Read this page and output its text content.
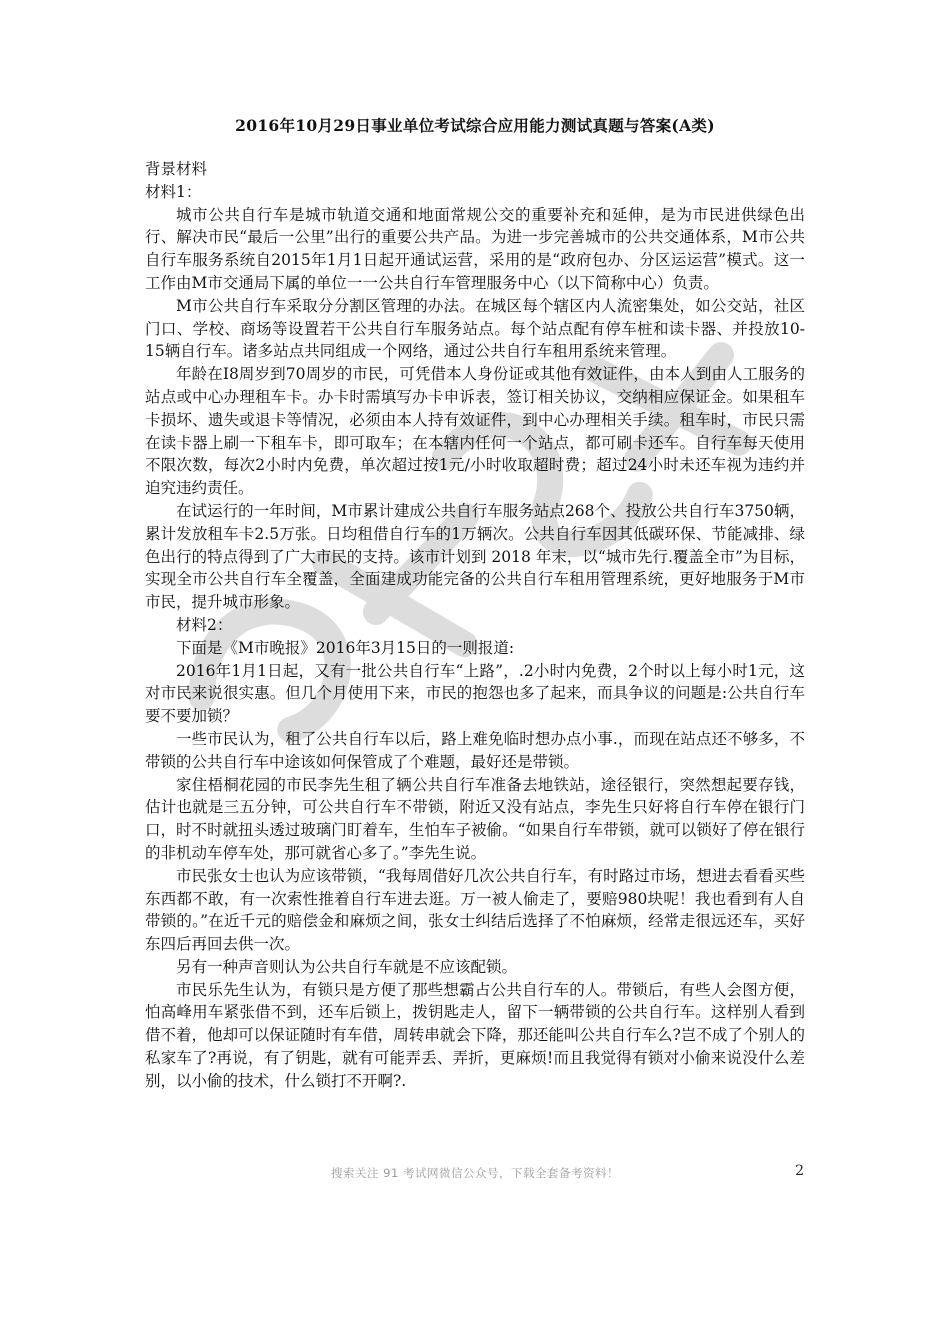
2016年10月29日事业单位考试综合应用能力测试真题与答案(A类)

背景材料

材料1：

城市公共自行车是城市轨道交通和地面常规公交的重要补充和延伸，是为市民进供绿色出行、解决市民“最后一公里”出行的重要公共产品。为进一步完善城市的公共交通体系，M市公共自行车服务系统自2015年1月1日起开通试运营，采用的是“政府包办、分区运运营”模式。这一工作由M市交通局下属的单位一一公共自行车管理服务中心（以下简称中心）负责。

M市公共自行车采取分分割区管理的办法。在城区每个辖区内人流密集处，如公交站，社区门口、学校、商场等设置若干公共自行车服务站点。每个站点配有停车桩和读卡器、并投放10-15辆自行车。诸多站点共同组成一个网络，通过公共自行车租用系统来管理。

年龄在I8周岁到70周岁的市民，可凭借本人身份证或其他有效证件，由本人到由人工服务的站点或中心办理租车卡。办卡时需填写办卡申诉表，签订相关协议，交纳相应保证金。如果租车卡损坏、遗失或退卡等情况，必须由本人持有效证件，到中心办理相关手续。租车时，市民只需在读卡器上刷一下租车卡，即可取车；在本辖内任何一个站点，都可刷卡还车。自行车每天使用不限次数，每次2小时内免费，单次超过按1元/小时收取超时费；超过24小时未还车视为违约并迫究违约责任。

在试运行的一年时间，M市累计建成公共自行车服务站点268个、投放公共自行车3750辆，累计发放租车卡2.5万张。日均租借自行车的1万辆次。公共自行车因其低碳环保、节能减排、绿色出行的特点得到了广大市民的支持。该市计划到 2018 年末，以“城市先行.覆盖全市”为目标，实现全市公共自行车全覆盖，全面建成功能完备的公共自行车租用管理系统，更好地服务于M市市民，提升城市形象。

材料2：

下面是《M市晚报》2016年3月15日的一则报道:

2016年1月1日起，又有一批公共自行车“上路”，.2小时内免费，2个时以上每小时1元，这对市民来说很实惠。但几个月使用下来，市民的抱怨也多了起来，而具争议的问题是:公共自行车要不要加锁？

一些市民认为，租了公共自行车以后，路上难免临时想办点小事.，而现在站点还不够多，不带锁的公共自行车中途该如何保管成了个难题，最好还是带锁。

家住梧桐花园的市民李先生租了辆公共自行车准备去地铁站，途径银行，突然想起要存钱，估计也就是三五分钟，可公共自行车不带锁，附近又没有站点，李先生只好将自行车停在银行门口，时不时就扭头透过玻璃门盯着车，生怕车子被偷。“如果自行车带锁，就可以锁好了停在银行的非机动车停车处，那可就省心多了。”李先生说。

市民张女士也认为应该带锁，“我每周借好几次公共自行车，有时路过市场，想进去看看买些东西都不敢，有一次索性推着自行车进去逛。万一被人偷走了，要赔980块呢！我也看到有人自带锁的。”在近千元的赔偿金和麻烦之间，张女士纠结后选择了不怕麻烦，经常走很远还车，买好东四后再回去供一次。

另有一种声音则认为公共自行车就是不应该配锁。

市民乐先生认为，有锁只是方便了那些想霸占公共自行车的人。带锁后，有些人会图方便，怕高峰用车紧张借不到，还车后锁上，拨钥匙走人，留下一辆带锁的公共自行车。这样别人看到借不着，他却可以保证随时有车借，周转串就会下降，那还能叫公共自行车么?岂不成了个别人的私家车了?再说，有了钥匙，就有可能弄丢、弄折，更麻烦!而且我觉得有锁对小偷来说没什么差别，以小偷的技术，什么锁打不开啊?.

搜索关注 91 考试网微信公众号，下载全套备考资料！	2
